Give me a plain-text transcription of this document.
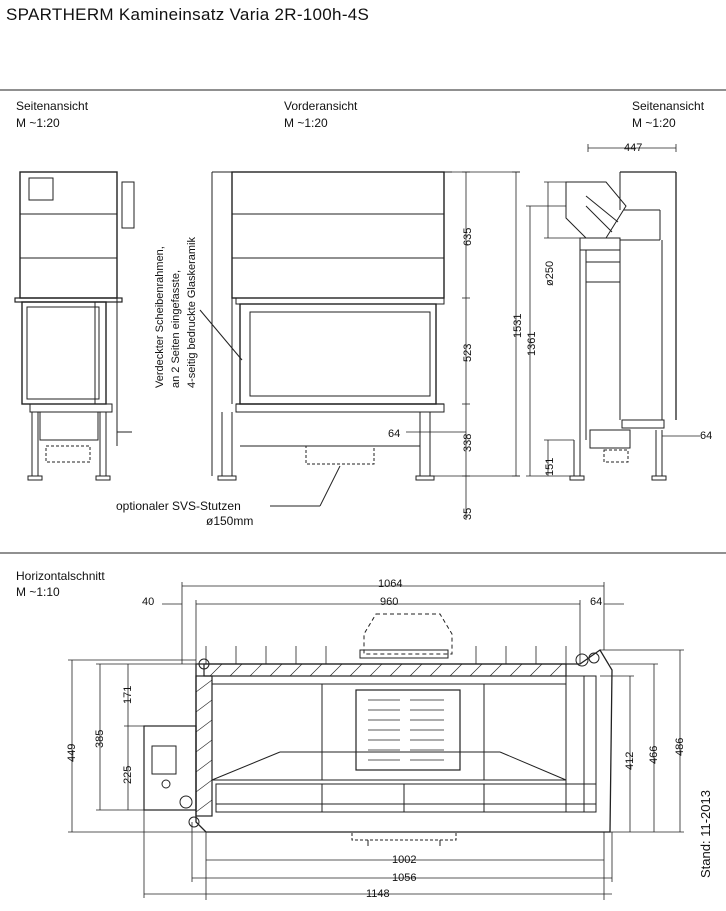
SPARTHERM Kamineinsatz Varia 2R-100h-4S
Seitenansicht
M ~1:20
Vorderansicht
M ~1:20
Seitenansicht
M ~1:20
Horizontalschnitt
M ~1:10
635
523
1531
338
35
64
447
ø250
1361
151
64
Verdeckter Scheibenrahmen, an 2 Seiten eingefasste, 4-seitig bedruckte Glaskeramik
optionaler SVS-Stutzen
ø150mm
1064
960
40	64
449
385
171
225
412 466 486
1002
1056
1148
Stand: 11-2013
